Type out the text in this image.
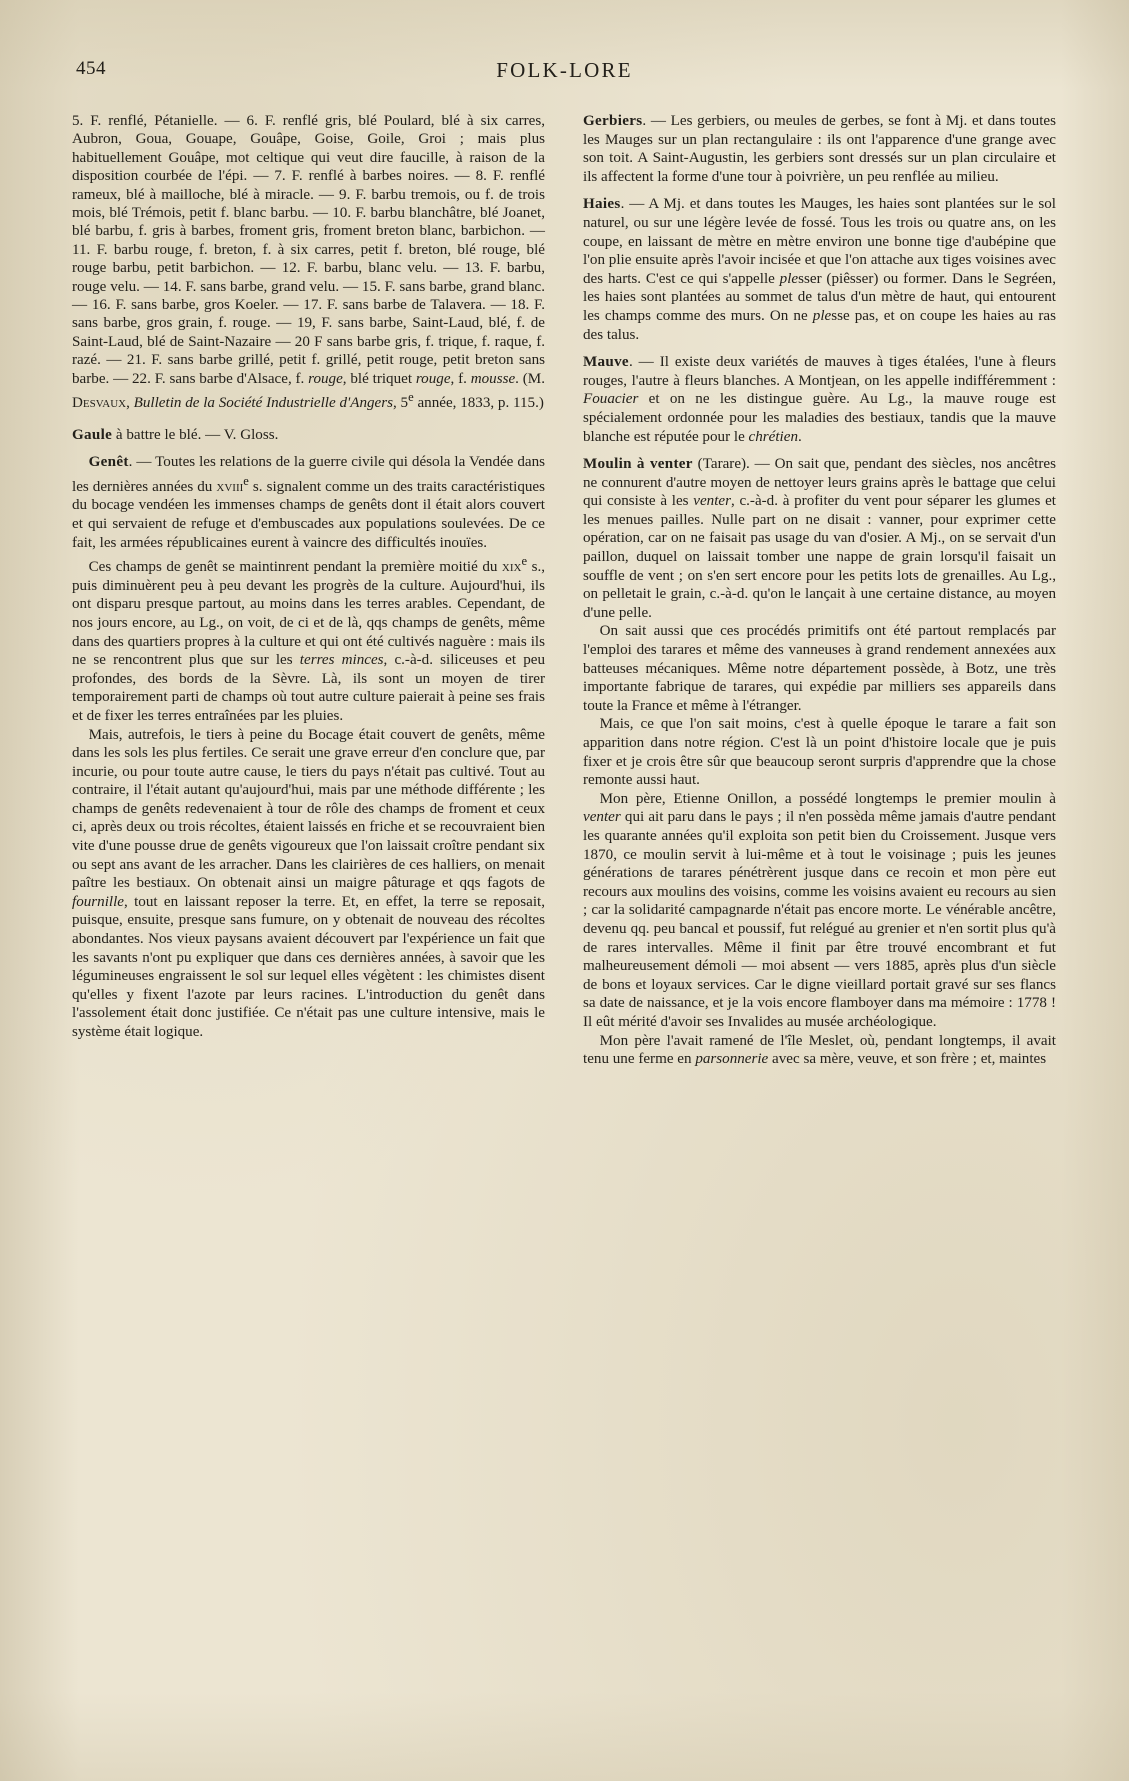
454	FOLK-LORE

5. F. renflé, Pétanielle. — 6. F. renflé gris, blé Poulard, blé à six carres, Aubron, Goua, Gouape, Gouâpe, Goise, Goile, Groi ; mais plus habituellement Gouâpe, mot celtique qui veut dire faucille, à raison de la disposition courbée de l'épi. — 7. F. renflé à barbes noires. — 8. F. renflé rameux, blé à mailloche, blé à miracle. — 9. F. barbu tremois, ou f. de trois mois, blé Trémois, petit f. blanc barbu. — 10. F. barbu blanchâtre, blé Joanet, blé barbu, f. gris à barbes, froment gris, froment breton blanc, barbichon. — 11. F. barbu rouge, f. breton, f. à six carres, petit f. breton, blé rouge, blé rouge barbu, petit barbichon. — 12. F. barbu, blanc velu. — 13. F. barbu, rouge velu. — 14. F. sans barbe, grand velu. — 15. F. sans barbe, grand blanc. — 16. F. sans barbe, gros Koeler. — 17. F. sans barbe de Talavera. — 18. F. sans barbe, gros grain, f. rouge. — 19, F. sans barbe, Saint-Laud, blé, f. de Saint-Laud, blé de Saint-Nazaire — 20 F sans barbe gris, f. trique, f. raque, f. razé. — 21. F. sans barbe grillé, petit f. grillé, petit rouge, petit breton sans barbe. — 22. F. sans barbe d'Alsace, f. rouge, blé triquet rouge, f. mousse. (M. Desvaux, Bulletin de la Société Industrielle d'Angers, 5e année, 1833, p. 115.)

Gaule à battre le blé. — V. Gloss.

Genêt. — Toutes les relations de la guerre civile qui désola la Vendée dans les dernières années du xviii$^e$ s. signalent comme un des traits caractéristiques du bocage vendéen les immenses champs de genêts dont il était alors couvert et qui servaient de refuge et d'embuscades aux populations soulevées. De ce fait, les armées républicaines eurent à vaincre des difficultés inouïes.

Ces champs de genêt se maintinrent pendant la première moitié du xix$^e$ s., puis diminuèrent peu à peu devant les progrès de la culture. Aujourd'hui, ils ont disparu presque partout, au moins dans les terres arables. Cependant, de nos jours encore, au Lg., on voit, de ci et de là, qqs champs de genêts, même dans des quartiers propres à la culture et qui ont été cultivés naguère : mais ils ne se rencontrent plus que sur les terres minces, c.-à-d. siliceuses et peu profondes, des bords de la Sèvre. Là, ils sont un moyen de tirer temporairement parti de champs où tout autre culture paierait à peine ses frais et de fixer les terres entraînées par les pluies.

Mais, autrefois, le tiers à peine du Bocage était couvert de genêts, même dans les sols les plus fertiles. Ce serait une grave erreur d'en conclure que, par incurie, ou pour toute autre cause, le tiers du pays n'était pas cultivé. Tout au contraire, il l'était autant qu'aujourd'hui, mais par une méthode différente ; les champs de genêts redevenaient à tour de rôle des champs de froment et ceux ci, après deux ou trois récoltes, étaient laissés en friche et se recouvraient bien vite d'une pousse drue de genêts vigoureux que l'on laissait croître pendant six ou sept ans avant de les arracher. Dans les clairières de ces halliers, on menait paître les bestiaux. On obtenait ainsi un maigre pâturage et qqs fagots de fournille, tout en laissant reposer la terre. Et, en effet, la terre se reposait, puisque, ensuite, presque sans fumure, on y obtenait de nouveau des récoltes abondantes. Nos vieux paysans avaient découvert par l'expérience un fait que les savants n'ont pu expliquer que dans ces dernières années, à savoir que les légumineuses engraissent le sol sur lequel elles végètent : les chimistes disent qu'elles y fixent l'azote par leurs racines. L'introduction du genêt dans l'assolement était donc justifiée. Ce n'était pas une culture intensive, mais le système était logique.

Gerbiers. — Les gerbiers, ou meules de gerbes, se font à Mj. et dans toutes les Mauges sur un plan rectangulaire : ils ont l'apparence d'une grange avec son toit. A Saint-Augustin, les gerbiers sont dressés sur un plan circulaire et ils affectent la forme d'une tour à poivrière, un peu renflée au milieu.

Haies. — A Mj. et dans toutes les Mauges, les haies sont plantées sur le sol naturel, ou sur une légère levée de fossé. Tous les trois ou quatre ans, on les coupe, en laissant de mètre en mètre environ une bonne tige d'aubépine que l'on plie ensuite après l'avoir incisée et que l'on attache aux tiges voisines avec des harts. C'est ce qui s'appelle plesser (piêsser) ou former. Dans le Segréen, les haies sont plantées au sommet de talus d'un mètre de haut, qui entourent les champs comme des murs. On ne plesse pas, et on coupe les haies au ras des talus.

Mauve. — Il existe deux variétés de mauves à tiges étalées, l'une à fleurs rouges, l'autre à fleurs blanches. A Montjean, on les appelle indifféremment : Fouacier et on ne les distingue guère. Au Lg., la mauve rouge est spécialement ordonnée pour les maladies des bestiaux, tandis que la mauve blanche est réputée pour le chrétien.

Moulin à venter (Tarare). — On sait que, pendant des siècles, nos ancêtres ne connurent d'autre moyen de nettoyer leurs grains après le battage que celui qui consiste à les venter, c.-à-d. à profiter du vent pour séparer les glumes et les menues pailles. Nulle part on ne disait : vanner, pour exprimer cette opération, car on ne faisait pas usage du van d'osier. A Mj., on se servait d'un paillon, duquel on laissait tomber une nappe de grain lorsqu'il faisait un souffle de vent ; on s'en sert encore pour les petits lots de grenailles. Au Lg., on pelletait le grain, c.-à-d. qu'on le lançait à une certaine distance, au moyen d'une pelle.

On sait aussi que ces procédés primitifs ont été partout remplacés par l'emploi des tarares et même des vanneuses à grand rendement annexées aux batteuses mécaniques. Même notre département possède, à Botz, une très importante fabrique de tarares, qui expédie par milliers ses appareils dans toute la France et même à l'étranger.

Mais, ce que l'on sait moins, c'est à quelle époque le tarare a fait son apparition dans notre région. C'est là un point d'histoire locale que je puis fixer et je crois être sûr que beaucoup seront surpris d'apprendre que la chose remonte aussi haut.

Mon père, Etienne Onillon, a possédé longtemps le premier moulin à venter qui ait paru dans le pays ; il n'en possèda même jamais d'autre pendant les quarante années qu'il exploita son petit bien du Croissement. Jusque vers 1870, ce moulin servit à lui-même et à tout le voisinage ; puis les jeunes générations de tarares pénétrèrent jusque dans ce recoin et mon père eut recours aux moulins des voisins, comme les voisins avaient eu recours au sien ; car la solidarité campagnarde n'était pas encore morte. Le vénérable ancêtre, devenu qq. peu bancal et poussif, fut relégué au grenier et n'en sortit plus qu'à de rares intervalles. Même il finit par être trouvé encombrant et fut malheureusement démoli — moi absent — vers 1885, après plus d'un siècle de bons et loyaux services. Car le digne vieillard portait gravé sur ses flancs sa date de naissance, et je la vois encore flamboyer dans ma mémoire : 1778 ! Il eût mérité d'avoir ses Invalides au musée archéologique.

Mon père l'avait ramené de l'île Meslet, où, pendant longtemps, il avait tenu une ferme en parsonnerie avec sa mère, veuve, et son frère ; et, maintes
